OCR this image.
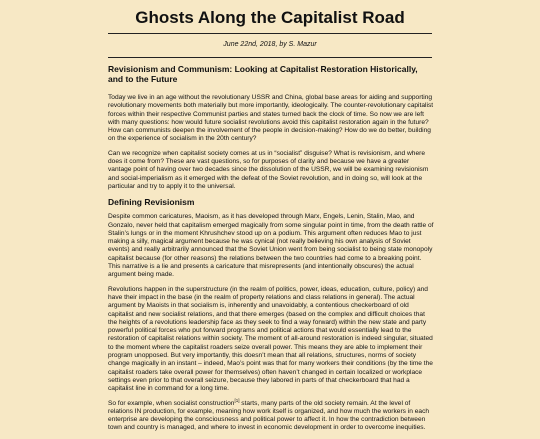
Ghosts Along the Capitalist Road
June 22nd, 2018, by S. Mazur
Revisionism and Communism: Looking at Capitalist Restoration Historically, and to the Future

Today we live in an age without the revolutionary USSR and China, global base areas for aiding and supporting revolutionary movements both materially but more importantly, ideologically. The counter-revolutionary capitalist forces within their respective Communist parties and states turned back the clock of time. So now we are left with many questions: how would future socialist revolutions avoid this capitalist restoration again in the future? How can communists deepen the involvement of the people in decision-making? How do we do better, building on the experience of socialism in the 20th century?

Can we recognize when capitalist society comes at us in “socialist” disguise? What is revisionism, and where does it come from? These are vast questions, so for purposes of clarity and because we have a greater vantage point of having over two decades since the dissolution of the USSR, we will be examining revisionism and social-imperialism as it emerged with the defeat of the Soviet revolution, and in doing so, will look at the particular and try to apply it to the universal.

Defining Revisionism

Despite common caricatures, Maoism, as it has developed through Marx, Engels, Lenin, Stalin, Mao, and Gonzalo, never held that capitalism emerged magically from some singular point in time, from the death rattle of Stalin’s lungs or in the moment Khrushchev stood up on a podium. This argument often reduces Mao to just making a silly, magical argument because he was cynical (not really believing his own analysis of Soviet events) and really arbitrarily announced that the Soviet Union went from being socialist to being state monopoly capitalist because (for other reasons) the relations between the two countries had come to a breaking point. This narrative is a lie and presents a caricature that misrepresents (and intentionally obscures) the actual argument being made.

Revolutions happen in the superstructure (in the realm of politics, power, ideas, education, culture, policy) and have their impact in the base (in the realm of property relations and class relations in general). The actual argument by Maoists in that socialism is, inherently and unavoidably, a contentious checkerboard of old capitalist and new socialist relations, and that there emerges (based on the complex and difficult choices that the heights of a revolutions leadership face as they seek to find a way forward) within the new state and party powerful political forces who put forward programs and political actions that would essentially lead to the restoration of capitalist relations within society. The moment of all-around restoration is indeed singular, situated to the moment where the capitalist roaders seize overall power. This means they are able to implement their program unopposed. But very importantly, this doesn’t mean that all relations, structures, norms of society change magically in an instant – indeed, Mao’s point was that for many workers their conditions (by the time the capitalist roaders take overall power for themselves) often haven’t changed in certain localized or workplace settings even prior to that overall seizure, because they labored in parts of that checkerboard that had a capitalist line in command for a long time.

So for example, when socialist construction[1] starts, many parts of the old society remain. At the level of relations IN production, for example, meaning how work itself is organized, and how much the workers in each enterprise are developing the consciousness and political power to affect it. In how the contradiction between town and country is managed, and where to invest in economic development in order to overcome inequities.
